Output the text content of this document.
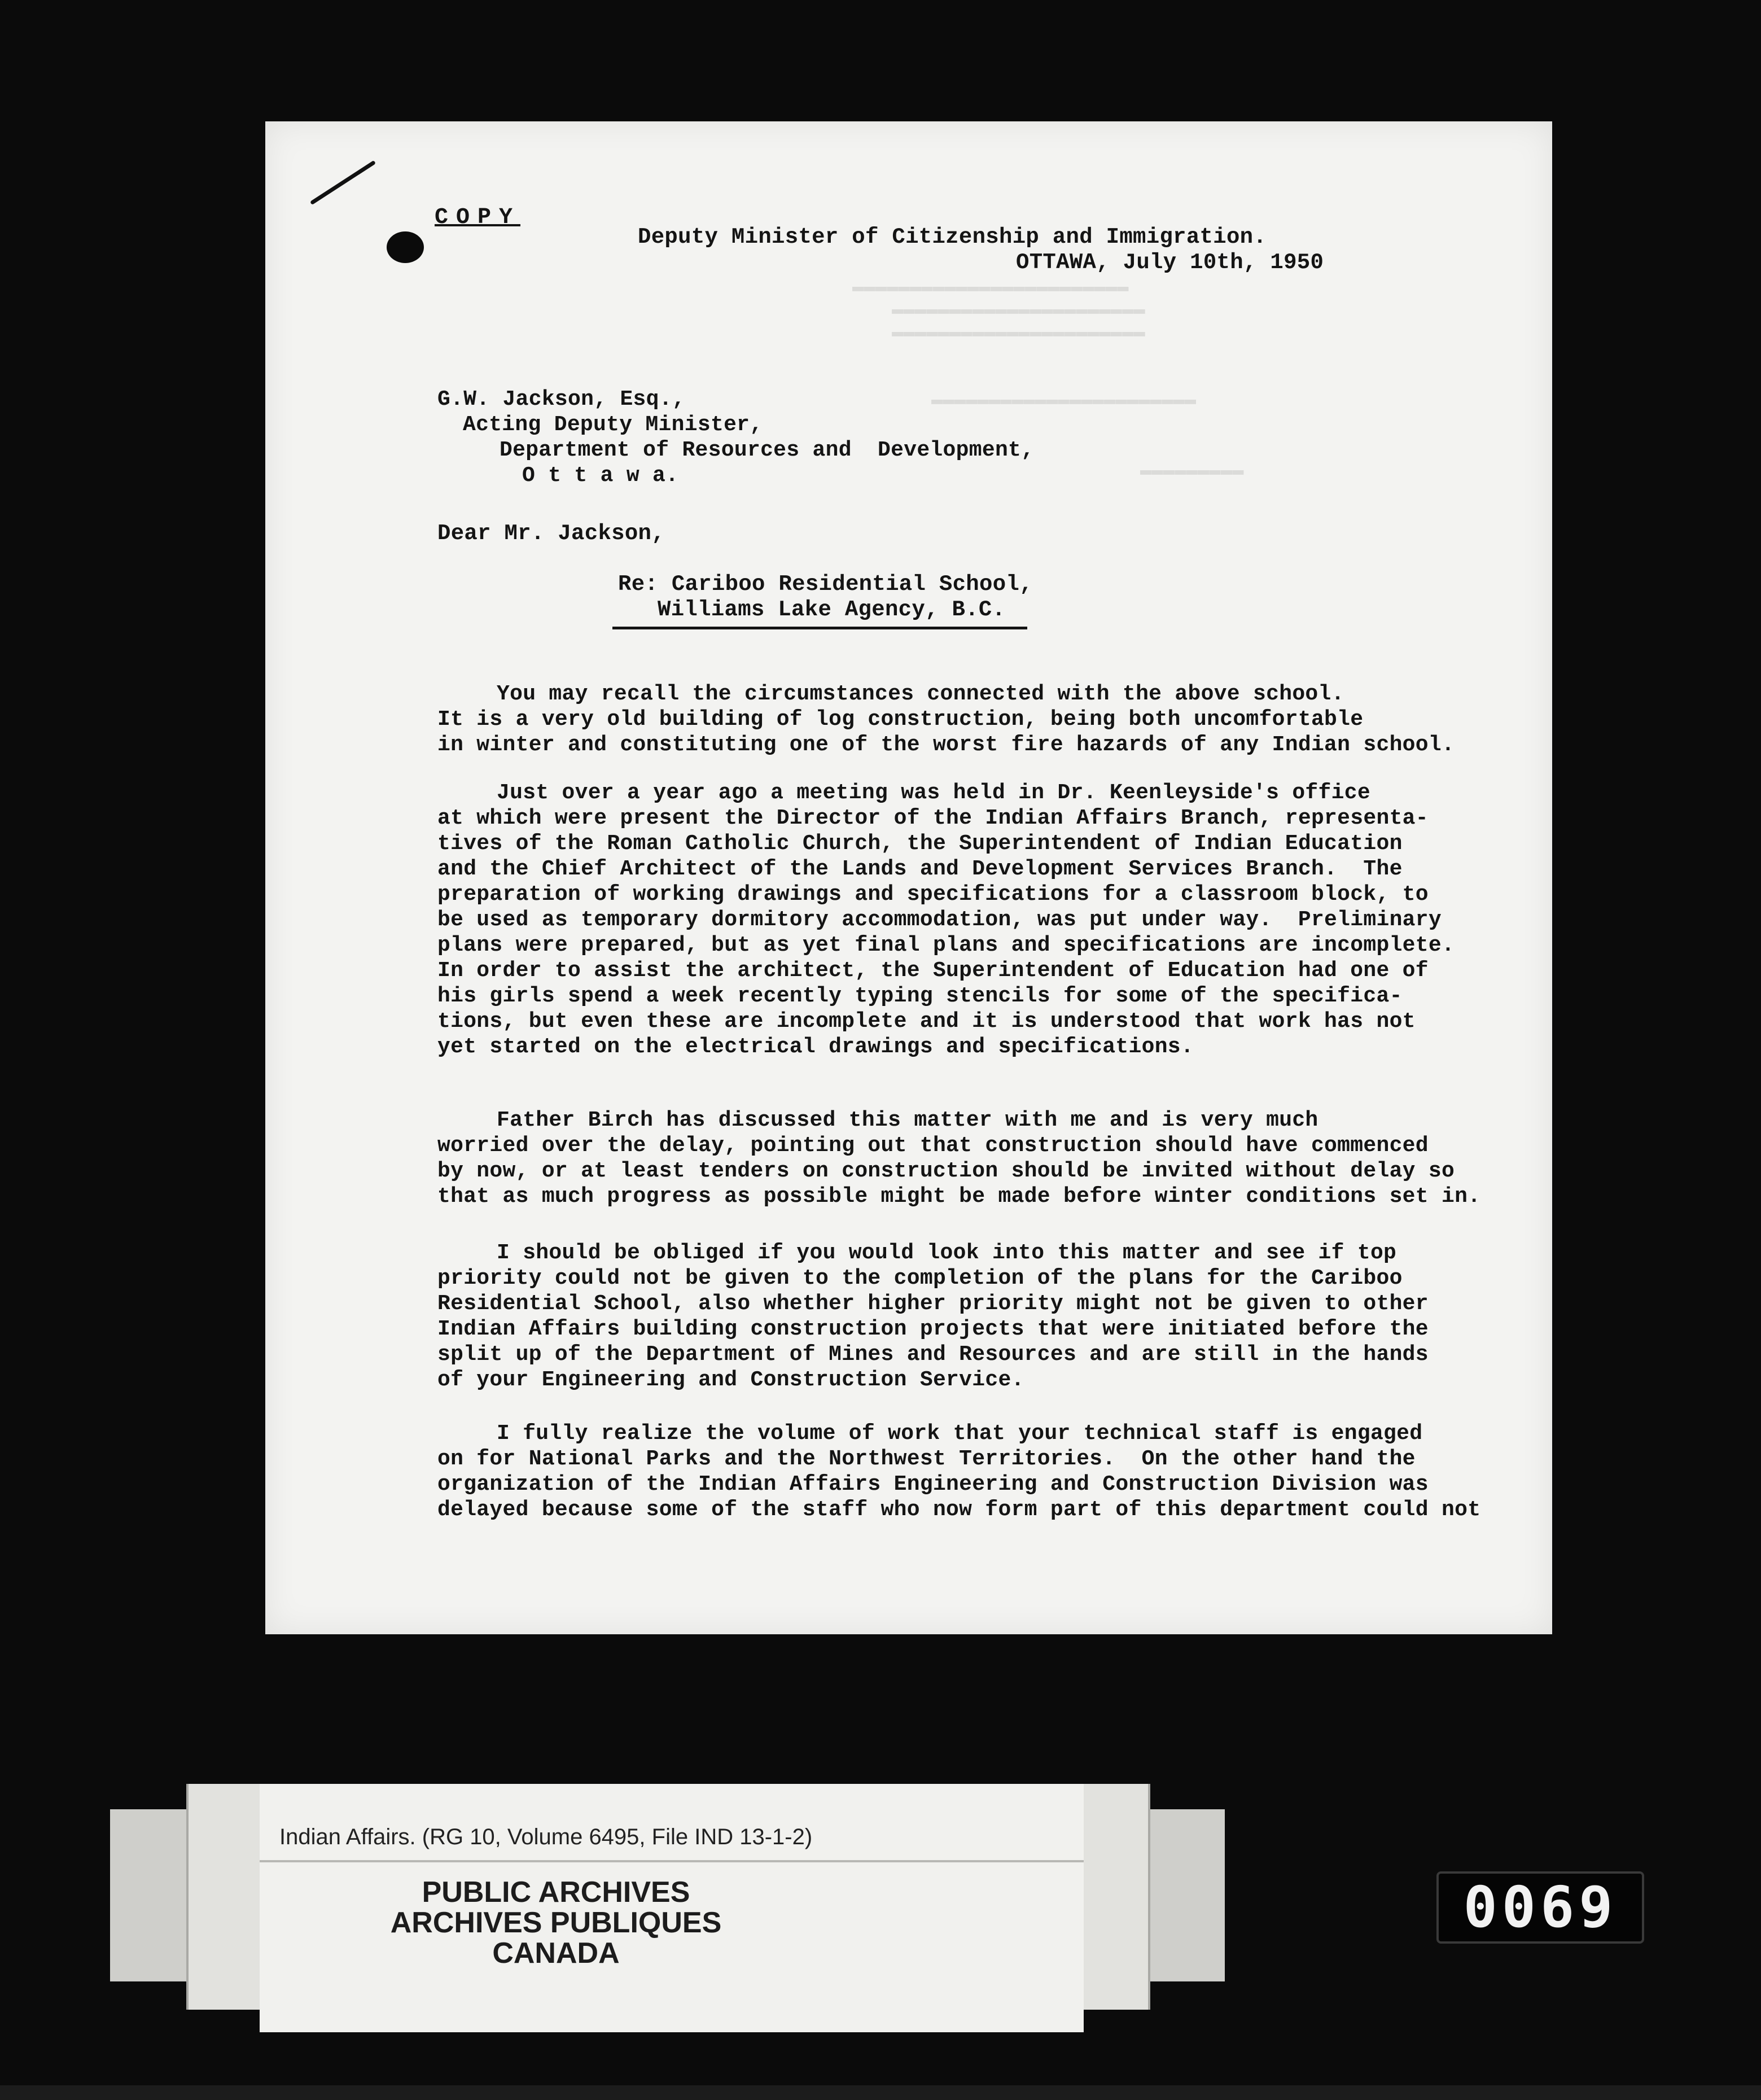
▬▬▬▬▬▬▬▬▬▬▬▬▬▬▬▬▬▬▬▬▬▬▬▬
▬▬▬▬▬▬▬▬▬▬▬▬▬▬▬▬▬▬▬▬▬▬
▬▬▬▬▬▬▬▬▬▬▬▬▬▬▬▬▬▬▬▬▬▬
▬▬▬▬▬▬▬▬▬▬▬▬▬▬▬▬▬▬▬▬▬▬▬
▬▬▬▬▬▬▬▬▬
COPY
Deputy Minister of Citizenship and Immigration.
OTTAWA, July 10th, 1950
G.W. Jackson, Esq.,
Acting Deputy Minister,
Department of Resources and  Development,
O t t a w a.
Dear Mr. Jackson,
Re: Cariboo Residential School,
Williams Lake Agency, B.C.
You may recall the circumstances connected with the above school.
It is a very old building of log construction, being both uncomfortable
in winter and constituting one of the worst fire hazards of any Indian school.
Just over a year ago a meeting was held in Dr. Keenleyside's office
at which were present the Director of the Indian Affairs Branch, representa-
tives of the Roman Catholic Church, the Superintendent of Indian Education
and the Chief Architect of the Lands and Development Services Branch.  The
preparation of working drawings and specifications for a classroom block, to
be used as temporary dormitory accommodation, was put under way.  Preliminary
plans were prepared, but as yet final plans and specifications are incomplete.
In order to assist the architect, the Superintendent of Education had one of
his girls spend a week recently typing stencils for some of the specifica-
tions, but even these are incomplete and it is understood that work has not
yet started on the electrical drawings and specifications.
Father Birch has discussed this matter with me and is very much
worried over the delay, pointing out that construction should have commenced
by now, or at least tenders on construction should be invited without delay so
that as much progress as possible might be made before winter conditions set in.
I should be obliged if you would look into this matter and see if top
priority could not be given to the completion of the plans for the Cariboo
Residential School, also whether higher priority might not be given to other
Indian Affairs building construction projects that were initiated before the
split up of the Department of Mines and Resources and are still in the hands
of your Engineering and Construction Service.
I fully realize the volume of work that your technical staff is engaged
on for National Parks and the Northwest Territories.  On the other hand the
organization of the Indian Affairs Engineering and Construction Division was
delayed because some of the staff who now form part of this department could not
Indian Affairs. (RG 10, Volume 6495, File IND 13-1-2)
PUBLIC ARCHIVES
ARCHIVES PUBLIQUES
CANADA
0069
